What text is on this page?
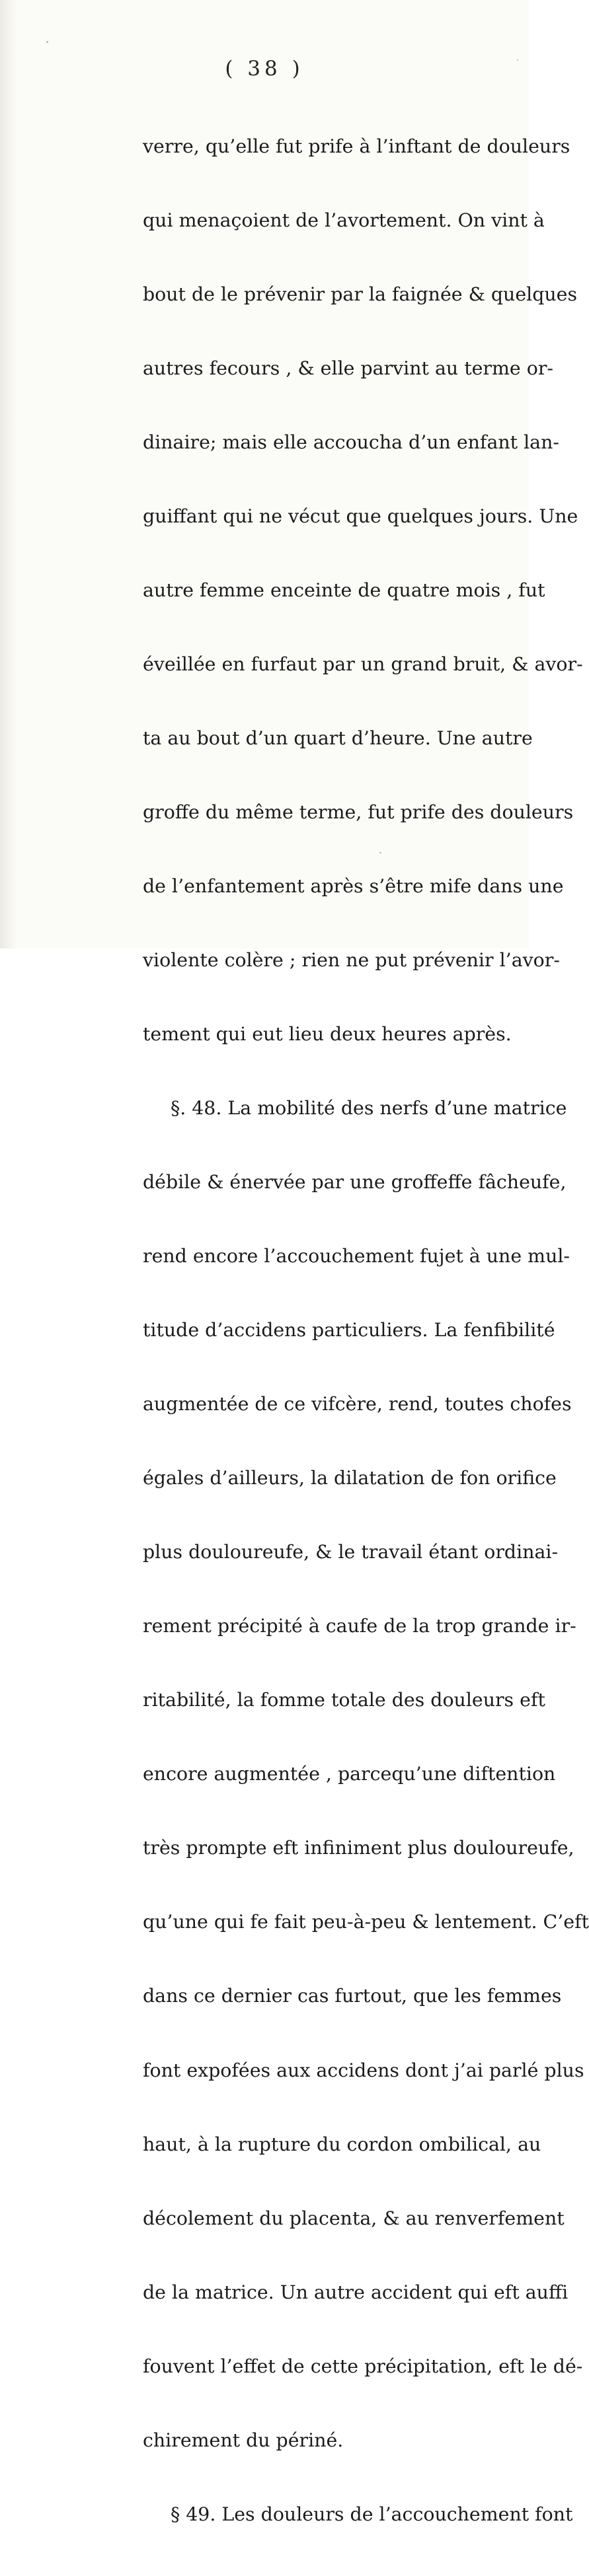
( 38 )

verre, qu’elle fut prife à l’inftant de douleurs

qui menaçoient de l’avortement. On vint à

bout de le prévenir par la faignée & quelques

autres fecours , & elle parvint au terme or-

dinaire; mais elle accoucha d’un enfant lan-

guiffant qui ne vécut que quelques jours. Une

autre femme enceinte de quatre mois , fut

éveillée en furfaut par un grand bruit, & avor-

ta au bout d’un quart d’heure. Une autre

groffe du même terme, fut prife des douleurs

de l’enfantement après s’être mife dans une

violente colère ; rien ne put prévenir l’avor-

tement qui eut lieu deux heures après.

§. 48. La mobilité des nerfs d’une matrice

débile & énervée par une groffeffe fâcheufe,

rend encore l’accouchement fujet à une mul-

titude d’accidens particuliers. La fenfibilité

augmentée de ce vifcère, rend, toutes chofes

égales d’ailleurs, la dilatation de fon orifice

plus douloureufe, & le travail étant ordinai-

rement précipité à caufe de la trop grande ir-

ritabilité, la fomme totale des douleurs eft

encore augmentée , parcequ’une diftention

très prompte eft infiniment plus douloureufe,

qu’une qui fe fait peu-à-peu & lentement. C’eft

dans ce dernier cas furtout, que les femmes

font expofées aux accidens dont j’ai parlé plus

haut, à la rupture du cordon ombilical, au

décolement du placenta, & au renverfement

de la matrice. Un autre accident qui eft auffi

fouvent l’effet de cette précipitation, eft le dé-

chirement du périné.

§ 49. Les douleurs de l’accouchement font
